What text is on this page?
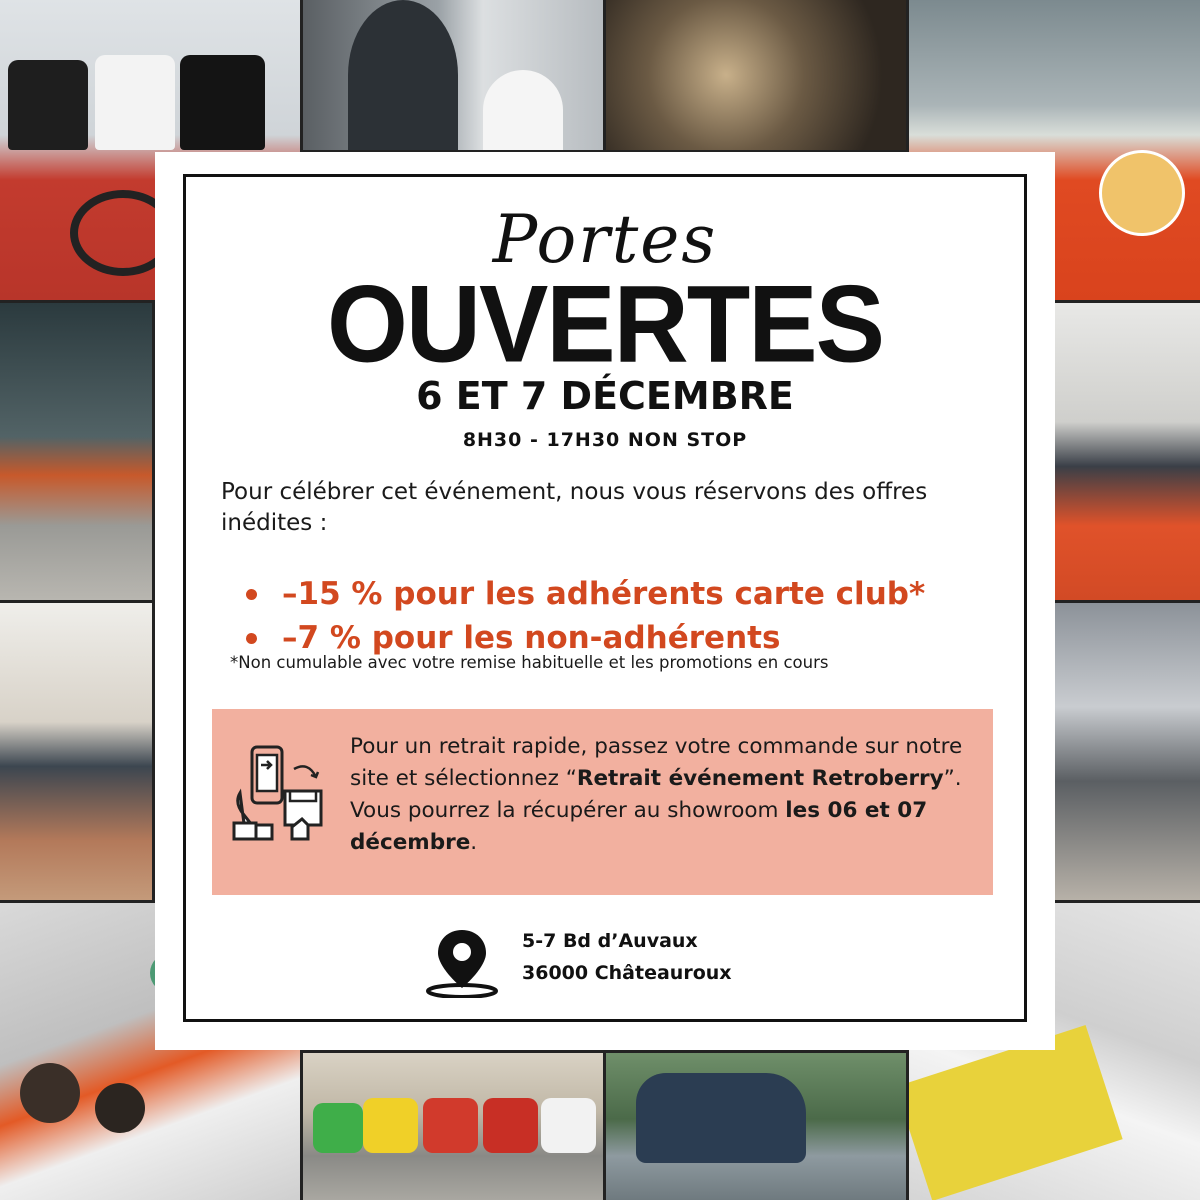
Portes
OUVERTES
6 ET 7 DÉCEMBRE
8H30 - 17H30 NON STOP
Pour célébrer cet événement, nous vous réservons des offres inédites :
–15 % pour les adhérents carte club*
–7 % pour les non-adhérents
*Non cumulable avec votre remise habituelle et les promotions en cours
Pour un retrait rapide, passez votre commande sur notre site et sélectionnez “Retrait événement Retroberry”. Vous pourrez la récupérer au showroom les 06 et 07 décembre.
5-7 Bd d’Auvaux
36000 Châteauroux
